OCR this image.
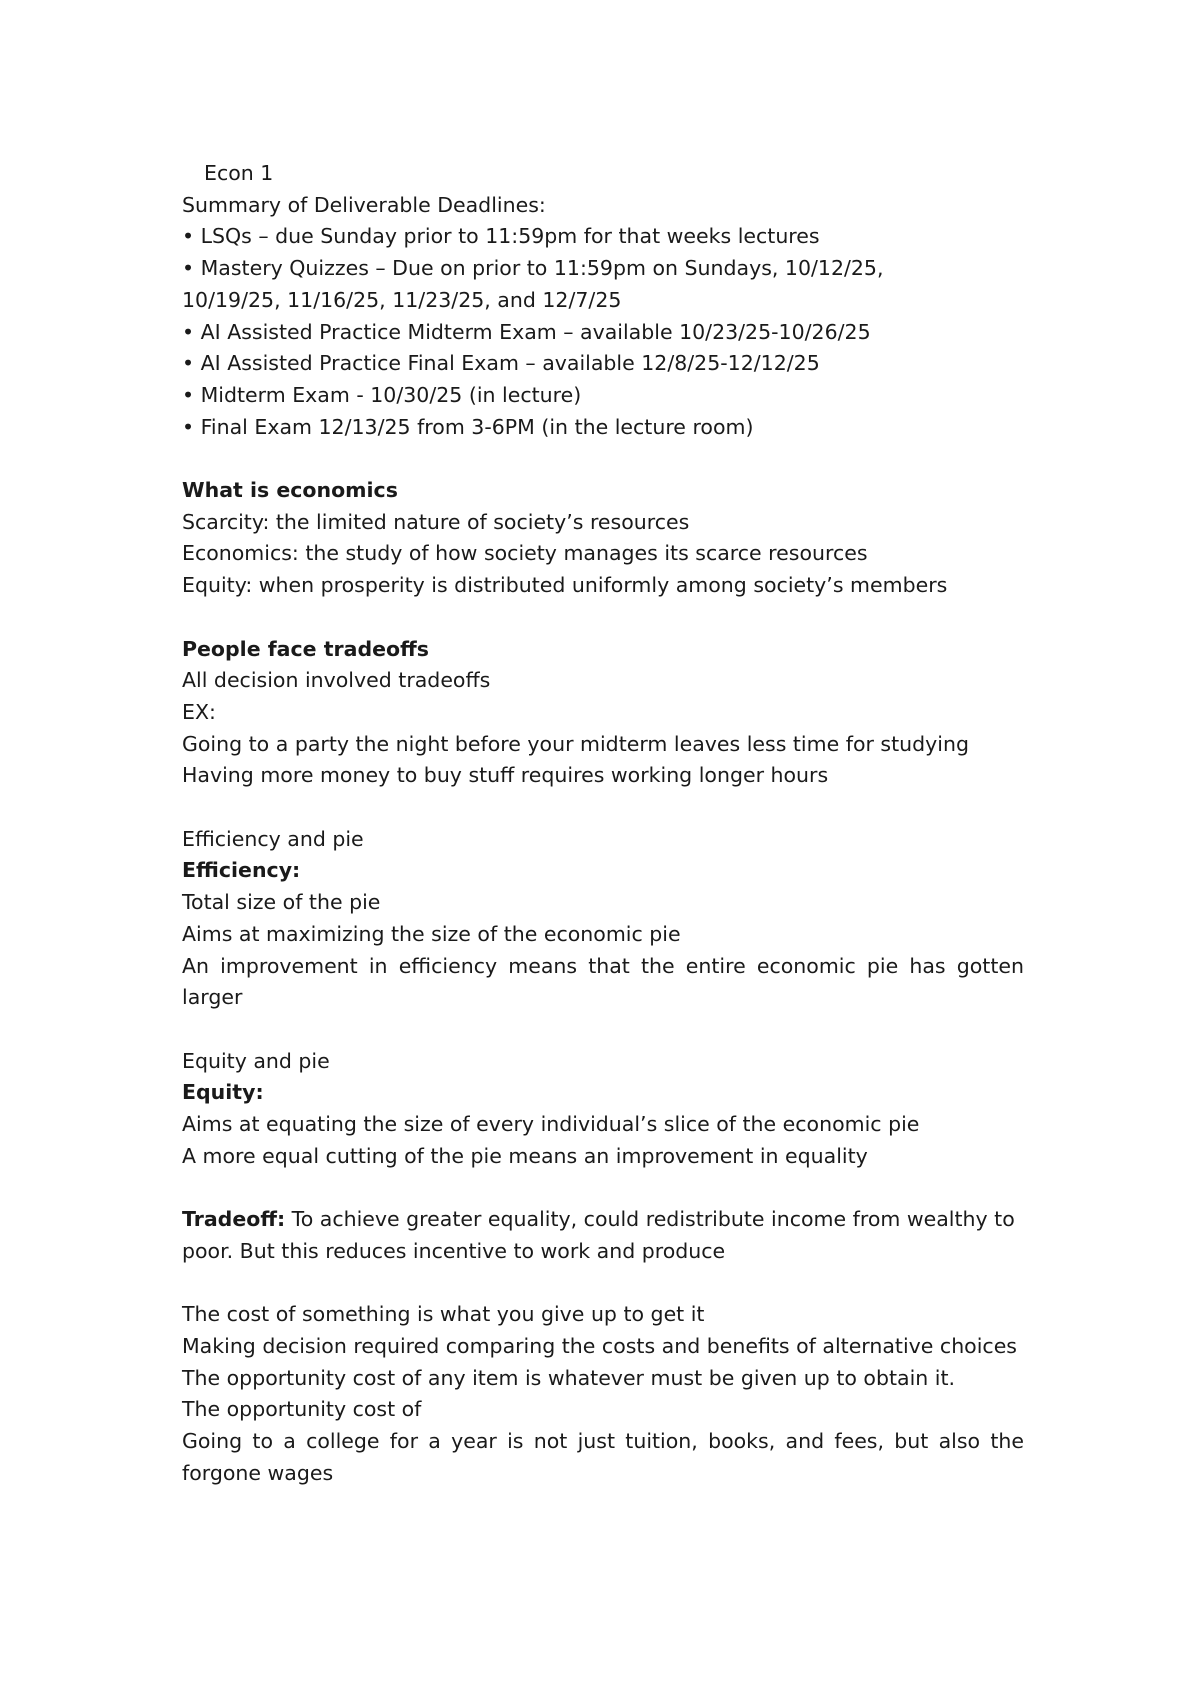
Econ 1
Summary of Deliverable Deadlines:
• LSQs – due Sunday prior to 11:59pm for that weeks lectures
• Mastery Quizzes – Due on prior to 11:59pm on Sundays, 10/12/25,
10/19/25, 11/16/25, 11/23/25, and 12/7/25
• AI Assisted Practice Midterm Exam – available 10/23/25-10/26/25
• AI Assisted Practice Final Exam – available 12/8/25-12/12/25
• Midterm Exam - 10/30/25 (in lecture)
• Final Exam 12/13/25 from 3-6PM (in the lecture room)
What is economics
Scarcity: the limited nature of society’s resources
Economics: the study of how society manages its scarce resources
Equity: when prosperity is distributed uniformly among society’s members
People face tradeoffs
All decision involved tradeoffs
EX:
Going to a party the night before your midterm leaves less time for studying
Having more money to buy stuff requires working longer hours
Efficiency and pie
Efficiency:
Total size of the pie
Aims at maximizing the size of the economic pie
An improvement in efficiency means that the entire economic pie has gotten larger
Equity and pie
Equity:
Aims at equating the size of every individual’s slice of the economic pie
A more equal cutting of the pie means an improvement in equality
Tradeoff: To achieve greater equality, could redistribute income from wealthy to poor. But this reduces incentive to work and produce
The cost of something is what you give up to get it
Making decision required comparing the costs and benefits of alternative choices
The opportunity cost of any item is whatever must be given up to obtain it.
The opportunity cost of
Going to a college for a year is not just tuition, books, and fees, but also the forgone wages
